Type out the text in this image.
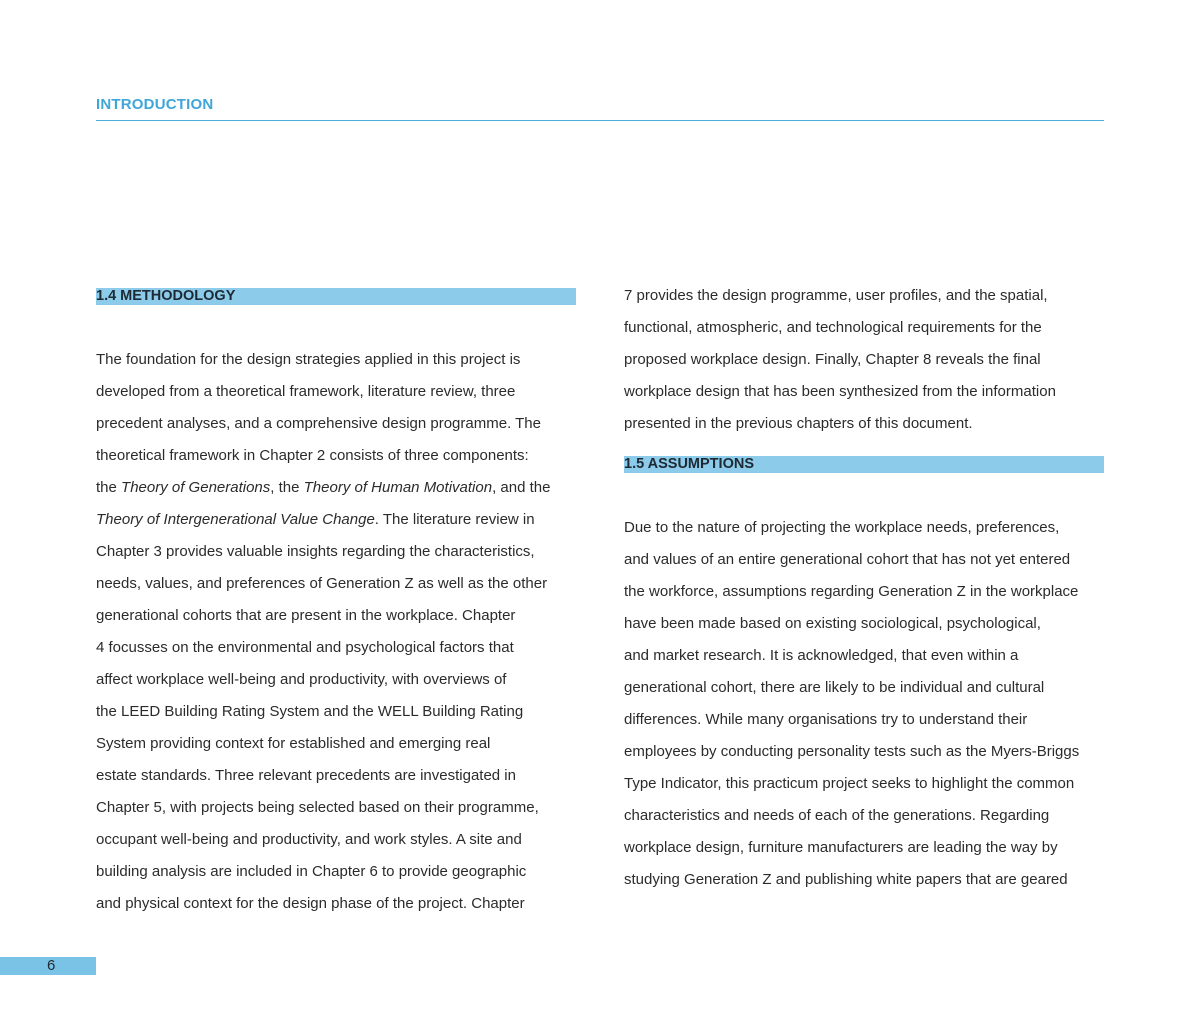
INTRODUCTION
1.4 METHODOLOGY
The foundation for the design strategies applied in this project is
developed from a theoretical framework, literature review, three
precedent analyses, and a comprehensive design programme. The
theoretical framework in Chapter 2 consists of three components:
the Theory of Generations, the Theory of Human Motivation, and the
Theory of Intergenerational Value Change. The literature review in
Chapter 3 provides valuable insights regarding the characteristics,
needs, values, and preferences of Generation Z as well as the other
generational cohorts that are present in the workplace. Chapter
4 focusses on the environmental and psychological factors that
affect workplace well-being and productivity, with overviews of
the LEED Building Rating System and the WELL Building Rating
System providing context for established and emerging real
estate standards. Three relevant precedents are investigated in
Chapter 5, with projects being selected based on their programme,
occupant well-being and productivity, and work styles. A site and
building analysis are included in Chapter 6 to provide geographic
and physical context for the design phase of the project. Chapter
7 provides the design programme, user profiles, and the spatial,
functional, atmospheric, and technological requirements for the
proposed workplace design. Finally, Chapter 8 reveals the final
workplace design that has been synthesized from the information
presented in the previous chapters of this document.
1.5 ASSUMPTIONS
Due to the nature of projecting the workplace needs, preferences,
and values of an entire generational cohort that has not yet entered
the workforce, assumptions regarding Generation Z in the workplace
have been made based on existing sociological, psychological,
and market research. It is acknowledged, that even within a
generational cohort, there are likely to be individual and cultural
differences. While many organisations try to understand their
employees by conducting personality tests such as the Myers-Briggs
Type Indicator, this practicum project seeks to highlight the common
characteristics and needs of each of the generations. Regarding
workplace design, furniture manufacturers are leading the way by
studying Generation Z and publishing white papers that are geared
6
